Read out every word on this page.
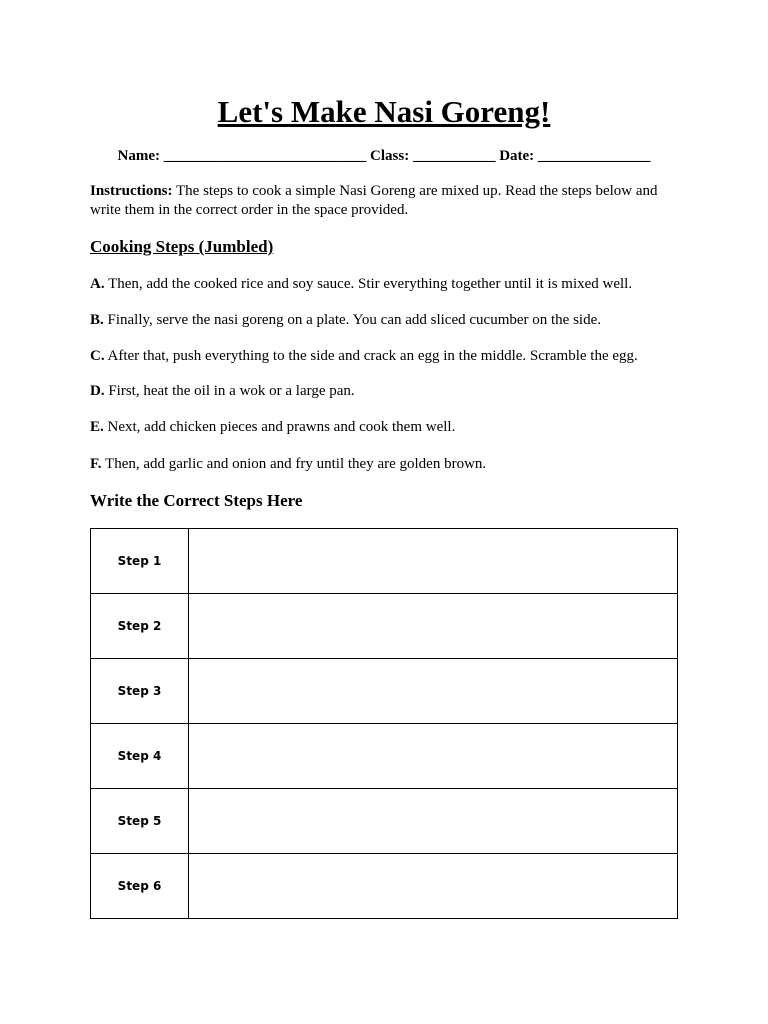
Let's Make Nasi Goreng!
Name: ___________________________ Class: ___________ Date: _______________
Instructions: The steps to cook a simple Nasi Goreng are mixed up. Read the steps below and write them in the correct order in the space provided.
Cooking Steps (Jumbled)
A. Then, add the cooked rice and soy sauce. Stir everything together until it is mixed well.
B. Finally, serve the nasi goreng on a plate. You can add sliced cucumber on the side.
C. After that, push everything to the side and crack an egg in the middle. Scramble the egg.
D. First, heat the oil in a wok or a large pan.
E. Next, add chicken pieces and prawns and cook them well.
F. Then, add garlic and onion and fry until they are golden brown.
Write the Correct Steps Here
Step 1	
Step 2	
Step 3	
Step 4	
Step 5	
Step 6	
